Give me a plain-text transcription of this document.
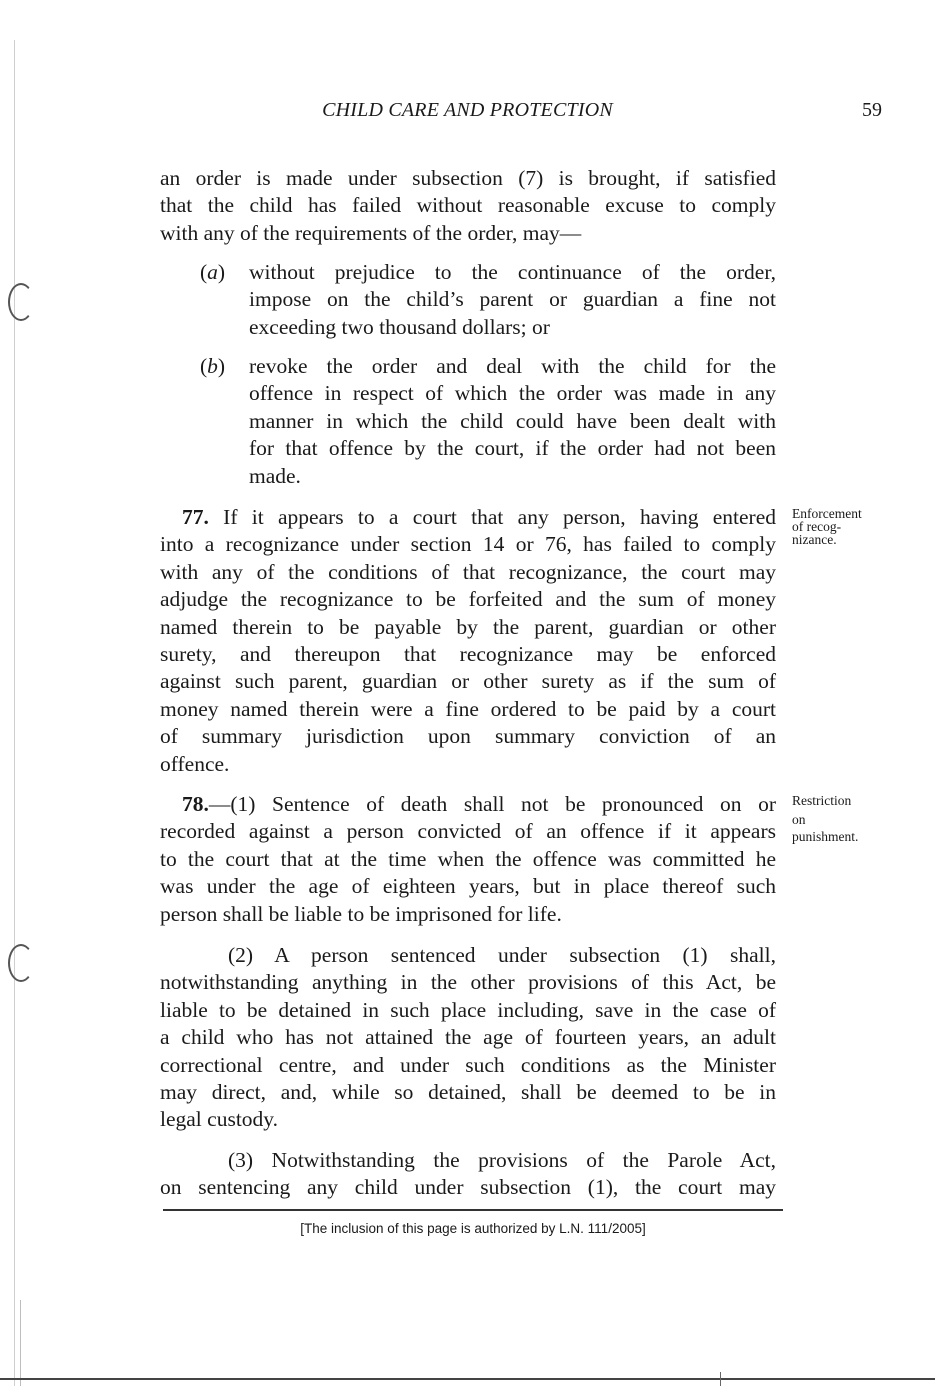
CHILD CARE AND PROTECTION	59
an order is made under subsection (7) is brought, if satisfied
that the child has failed without reasonable excuse to comply
with any of the requirements of the order, may—
(a) without prejudice to the continuance of the order,
impose on the child’s parent or guardian a fine not
exceeding two thousand dollars; or
(b) revoke the order and deal with the child for the
offence in respect of which the order was made in any
manner in which the child could have been dealt with
for that offence by the court, if the order had not been
made.
77. If it appears to a court that any person, having entered
into a recognizance under section 14 or 76, has failed to comply
with any of the conditions of that recognizance, the court may
adjudge the recognizance to be forfeited and the sum of money
named therein to be payable by the parent, guardian or other
surety, and thereupon that recognizance may be enforced
against such parent, guardian or other surety as if the sum of
money named therein were a fine ordered to be paid by a court
of summary jurisdiction upon summary conviction of an
offence.
Enforcement
of recog-
nizance.
78.—(1) Sentence of death shall not be pronounced on or
recorded against a person convicted of an offence if it appears
to the court that at the time when the offence was committed he
was under the age of eighteen years, but in place thereof such
person shall be liable to be imprisoned for life.
Restriction
on
punishment.
(2) A person sentenced under subsection (1) shall,
notwithstanding anything in the other provisions of this Act, be
liable to be detained in such place including, save in the case of
a child who has not attained the age of fourteen years, an adult
correctional centre, and under such conditions as the Minister
may direct, and, while so detained, shall be deemed to be in
legal custody.
(3) Notwithstanding the provisions of the Parole Act,
on sentencing any child under subsection (1), the court may
[The inclusion of this page is authorized by L.N. 111/2005]
